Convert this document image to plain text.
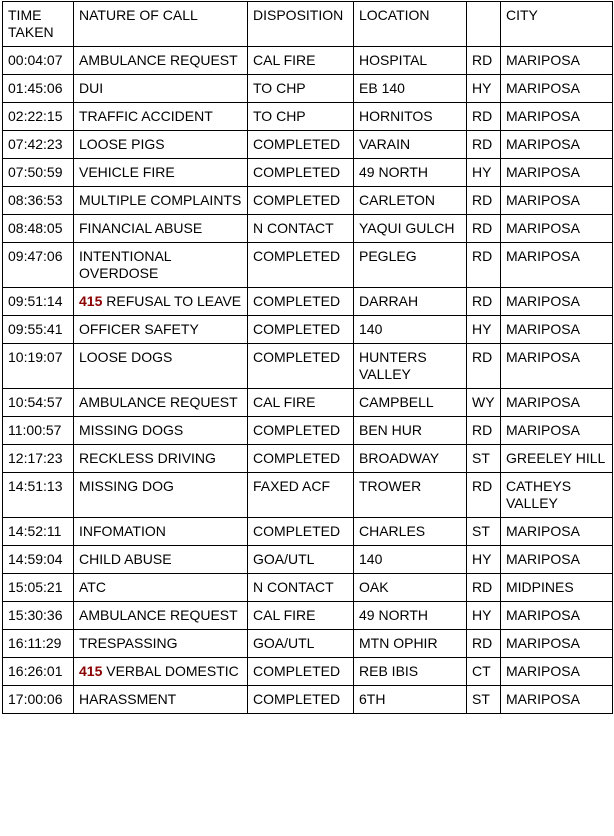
TIME TAKEN	NATURE OF CALL	DISPOSITION	LOCATION		CITY
00:04:07	AMBULANCE REQUEST	CAL FIRE	HOSPITAL	RD	MARIPOSA
01:45:06	DUI	TO CHP	EB 140	HY	MARIPOSA
02:22:15	TRAFFIC ACCIDENT	TO CHP	HORNITOS	RD	MARIPOSA
07:42:23	LOOSE PIGS	COMPLETED	VARAIN	RD	MARIPOSA
07:50:59	VEHICLE FIRE	COMPLETED	49 NORTH	HY	MARIPOSA
08:36:53	MULTIPLE COMPLAINTS	COMPLETED	CARLETON	RD	MARIPOSA
08:48:05	FINANCIAL ABUSE	N CONTACT	YAQUI GULCH	RD	MARIPOSA
09:47:06	INTENTIONAL OVERDOSE	COMPLETED	PEGLEG	RD	MARIPOSA
09:51:14	415 REFUSAL TO LEAVE	COMPLETED	DARRAH	RD	MARIPOSA
09:55:41	OFFICER SAFETY	COMPLETED	140	HY	MARIPOSA
10:19:07	LOOSE DOGS	COMPLETED	HUNTERS VALLEY	RD	MARIPOSA
10:54:57	AMBULANCE REQUEST	CAL FIRE	CAMPBELL	WY	MARIPOSA
11:00:57	MISSING DOGS	COMPLETED	BEN HUR	RD	MARIPOSA
12:17:23	RECKLESS DRIVING	COMPLETED	BROADWAY	ST	GREELEY HILL
14:51:13	MISSING DOG	FAXED ACF	TROWER	RD	CATHEYS VALLEY
14:52:11	INFOMATION	COMPLETED	CHARLES	ST	MARIPOSA
14:59:04	CHILD ABUSE	GOA/UTL	140	HY	MARIPOSA
15:05:21	ATC	N CONTACT	OAK	RD	MIDPINES
15:30:36	AMBULANCE REQUEST	CAL FIRE	49 NORTH	HY	MARIPOSA
16:11:29	TRESPASSING	GOA/UTL	MTN OPHIR	RD	MARIPOSA
16:26:01	415 VERBAL DOMESTIC	COMPLETED	REB IBIS	CT	MARIPOSA
17:00:06	HARASSMENT	COMPLETED	6TH	ST	MARIPOSA
